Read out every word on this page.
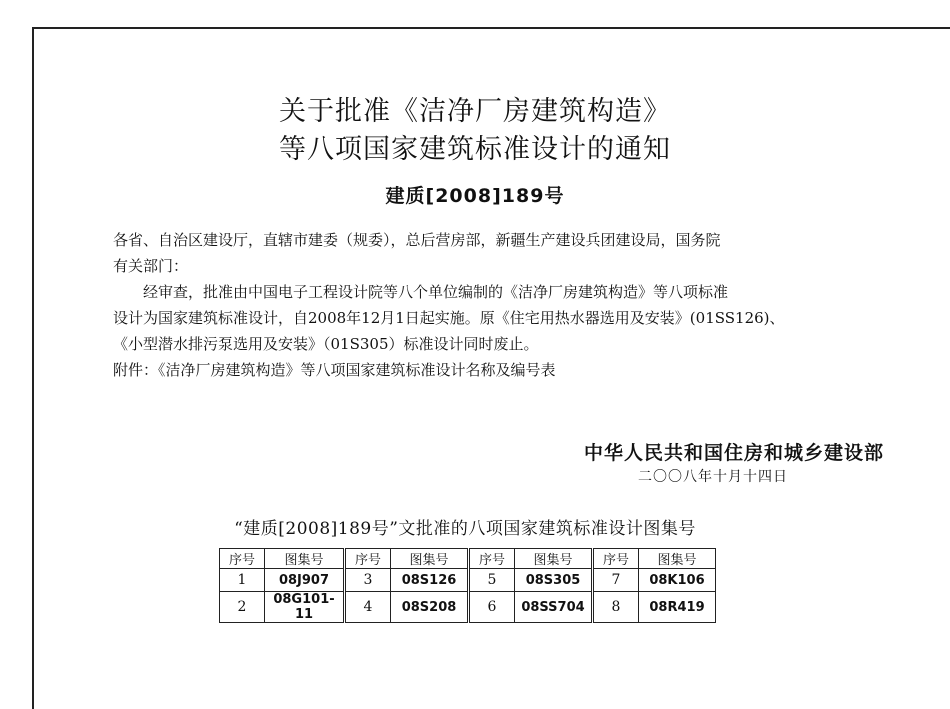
关于批准《洁净厂房建筑构造》
等八项国家建筑标准设计的通知
建质[2008]189号
各省、自治区建设厅，直辖市建委（规委），总后营房部，新疆生产建设兵团建设局，国务院
有关部门：
经审查，批准由中国电子工程设计院等八个单位编制的《洁净厂房建筑构造》等八项标准
设计为国家建筑标准设计，自2008年12月1日起实施。原《住宅用热水器选用及安装》(01SS126)、
《小型潜水排污泵选用及安装》（01S305）标准设计同时废止。
附件：《洁净厂房建筑构造》等八项国家建筑标准设计名称及编号表
中华人民共和国住房和城乡建设部
二〇〇八年十月十四日
“建质[2008]189号”文批准的八项国家建筑标准设计图集号
序号	图集号	序号	图集号	序号	图集号	序号	图集号
1	08J907	3	08S126	5	08S305	7	08K106
2	08G101-11	4	08S208	6	08SS704	8	08R419
